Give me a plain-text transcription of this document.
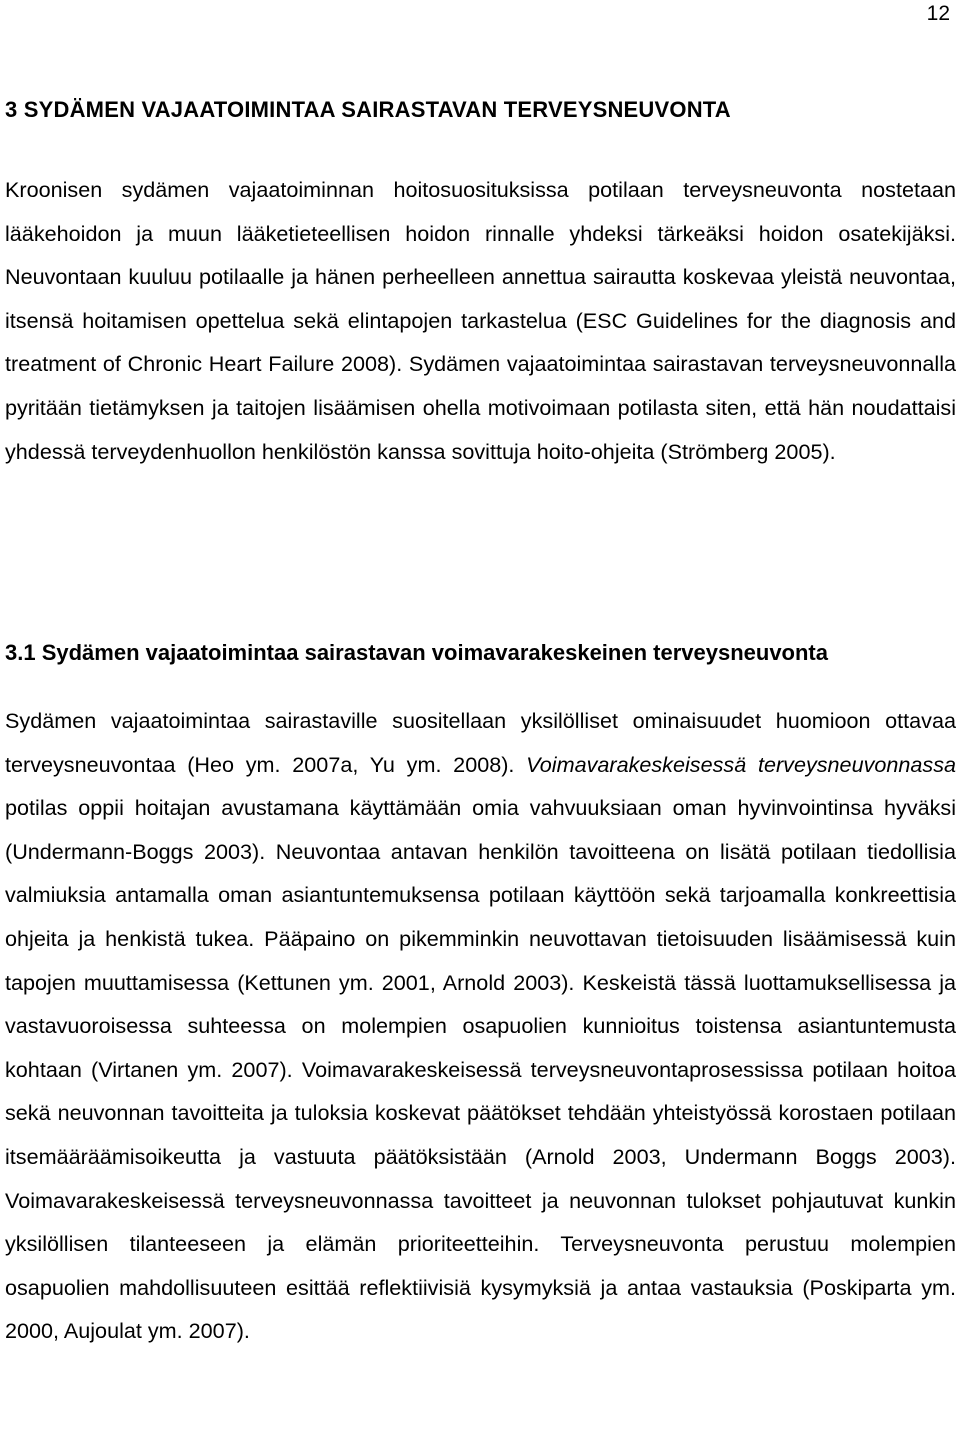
12
3 SYDÄMEN VAJAATOIMINTAA SAIRASTAVAN TERVEYSNEUVONTA

Kroonisen sydämen vajaatoiminnan hoitosuosituksissa potilaan terveysneuvonta nostetaan lääkehoidon ja muun lääketieteellisen hoidon rinnalle yhdeksi tärkeäksi hoidon osatekijäksi. Neuvontaan kuuluu potilaalle ja hänen perheelleen annettua sairautta koskevaa yleistä neuvontaa, itsensä hoitamisen opettelua sekä elintapojen tarkastelua (ESC Guidelines for the diagnosis and treatment of Chronic Heart Failure 2008). Sydämen vajaatoimintaa sairastavan terveysneuvonnalla pyritään tietämyksen ja taitojen lisäämisen ohella motivoimaan potilasta siten, että hän noudattaisi yhdessä terveydenhuollon henkilöstön kanssa sovittuja hoito-ohjeita (Strömberg 2005).

3.1 Sydämen vajaatoimintaa sairastavan voimavarakeskeinen terveysneuvonta

Sydämen vajaatoimintaa sairastaville suositellaan yksilölliset ominaisuudet huomioon ottavaa terveysneuvontaa (Heo ym. 2007a, Yu ym. 2008). Voimavarakeskeisessä terveysneuvonnassa potilas oppii hoitajan avustamana käyttämään omia vahvuuksiaan oman hyvinvointinsa hyväksi (Undermann-Boggs 2003). Neuvontaa antavan henkilön tavoitteena on lisätä potilaan tiedollisia valmiuksia antamalla oman asiantuntemuksensa potilaan käyttöön sekä tarjoamalla konkreettisia ohjeita ja henkistä tukea. Pääpaino on pikemminkin neuvottavan tietoisuuden lisäämisessä kuin tapojen muuttamisessa (Kettunen ym. 2001, Arnold 2003). Keskeistä tässä luottamuksellisessa ja vastavuoroisessa suhteessa on molempien osapuolien kunnioitus toistensa asiantuntemusta kohtaan (Virtanen ym. 2007). Voimavarakeskeisessä terveysneuvontaprosessissa potilaan hoitoa sekä neuvonnan tavoitteita ja tuloksia koskevat päätökset tehdään yhteistyössä korostaen potilaan itsemääräämisoikeutta ja vastuuta päätöksistään (Arnold 2003, Undermann Boggs 2003). Voimavarakeskeisessä terveysneuvonnassa tavoitteet ja neuvonnan tulokset pohjautuvat kunkin yksilöllisen tilanteeseen ja elämän prioriteetteihin. Terveysneuvonta perustuu molempien osapuolien mahdollisuuteen esittää reflektiivisiä kysymyksiä ja antaa vastauksia (Poskiparta ym. 2000, Aujoulat ym. 2007).
